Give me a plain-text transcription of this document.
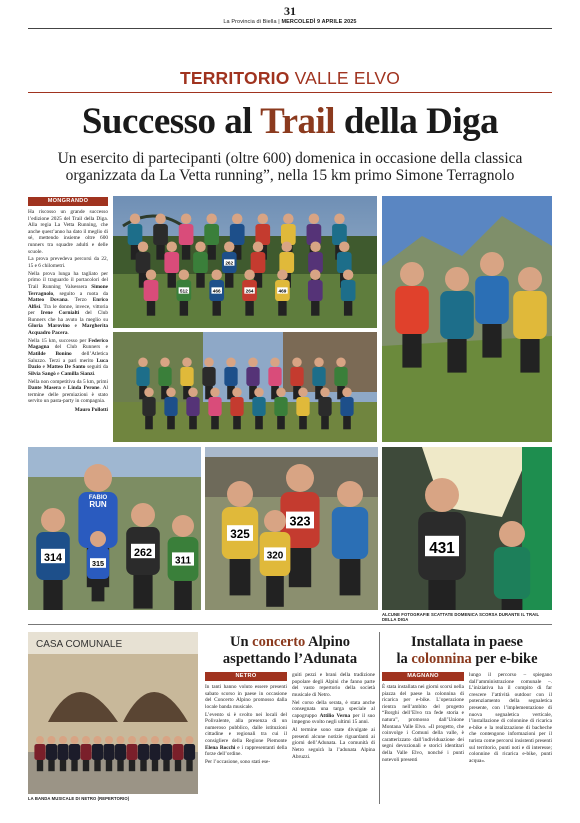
31
La Provincia di Biella | MERCOLEDÌ 9 APRILE 2025
TERRITORIO VALLE ELVO
Successo al Trail della Diga
Un esercito di partecipanti (oltre 600) domenica in occasione della classica organizzata da La Vetta running”, nella 15 km primo Simone Terragnolo
MONGRANDO

Ha riscosso un grande successo l’edizione 2025 del Trail della Diga. Alla regia La Vetta Running, che anche quest’anno ha dato il meglio di sé, mettendo insieme oltre 600 runners tra squadre adulti e delle scuole.

La prova prevedeva percorsi da 22, 15 e 6 chilometri.

Nella prova lunga ha tagliato per primo il traguardo il portacolori del Trail Running Valsessera Simone Terragnolo, seguito a ruota da Matteo Dovana. Terzo Enrico Alfisi. Tra le donne, invece, vittoria per Irene Cornialti del Club Runners che ha avuto la meglio su Gloria Marovino e Margherita Acquadro Pacera.

Nella 15 km, successo per Federico Magagna del Club Runners e Matilde Bonino dell’Atletica Saluzzo. Terzi a pari merito Luca Dazio e Matteo De Santo seguiti da Silvia Sangò e Camilla Sianzi.

Nella non competitiva da 5 km, primi Dante Masera e Linda Perone. Al termine delle premiazioni è stato servito un pasta-party in compagnia.

Mauro Pollotti
262
512	466	264	469
RUN
FABIO
314	315
262
311
325
323
320	431
ALCUNE FOTOGRAFIE SCATTATE DOMENICA SCORSA DURANTE IL TRAIL DELLA DIGA
CASA COMUNALE
LA BANDA MUSICALE DI NETRO (REPERTORIO)
Un concerto Alpino
aspettando l’Adunata
NETRO

In tanti hanno voluto essere presenti sabato scorso in paese in occasione del Concerto Alpino promosso dalla locale banda musicale.

L’evento si è svolto nei locali del Polivalente, alla presenza di un numeroso pubblico, dalle istituzioni cittadine e regionali tra cui il consigliere della Regione Piemonte Elena Rocchi e i rappresentanti della forze dell’ordine.

Per l’occasione, sono stati ese-

guiti pezzi e brani della tradizione popolare degli Alpini che fanno parte del vasto repertorio della società musicale di Netro.

Nel corso della serata, è stata anche consegnata una targa speciale al capogruppo Attilio Verna per il suo impegno svolto negli ultimi 15 anni.

Al termine sono state divulgate ai presenti alcune notizie riguardanti ai giorni dell’Adunata. La comunità di Netro seguirà la l’adunata Alpina Abruzzi.

Installata in paese
la colonnina per e-bike
MAGNANO
È stata installata nei giorni scorsi nella piazza del paese la colonnina di ricarica per e-bike. L’operazione rientra nell’ambito del progetto “Borghi dell’Elvo tra fede storia e natura”, promosso dall’Unione Montana Valle Elvo. «Il progetto, che coinvolge i Comuni della valle, è caratterizzato dall’individuazione dei segni devozionali e storici identitari della Valle Elvo, nonché i punti notevoli presenti
lungo il percorso – spiegano dall’amministrazione comunale –. L’iniziativa ha il compito di far crescere l’attività outdoor con il potenziamento della segnaletica presente, con l’implementazione di nuova segnaletica verticale, l’installazione di colonnine di ricarica e-bike e la realizzazione di bacheche che contengono informazioni per il turista come percorsi insistenti presenti sul territorio, punti noti e di interesse; colonnine di ricarica e-bike, punti acqua».
